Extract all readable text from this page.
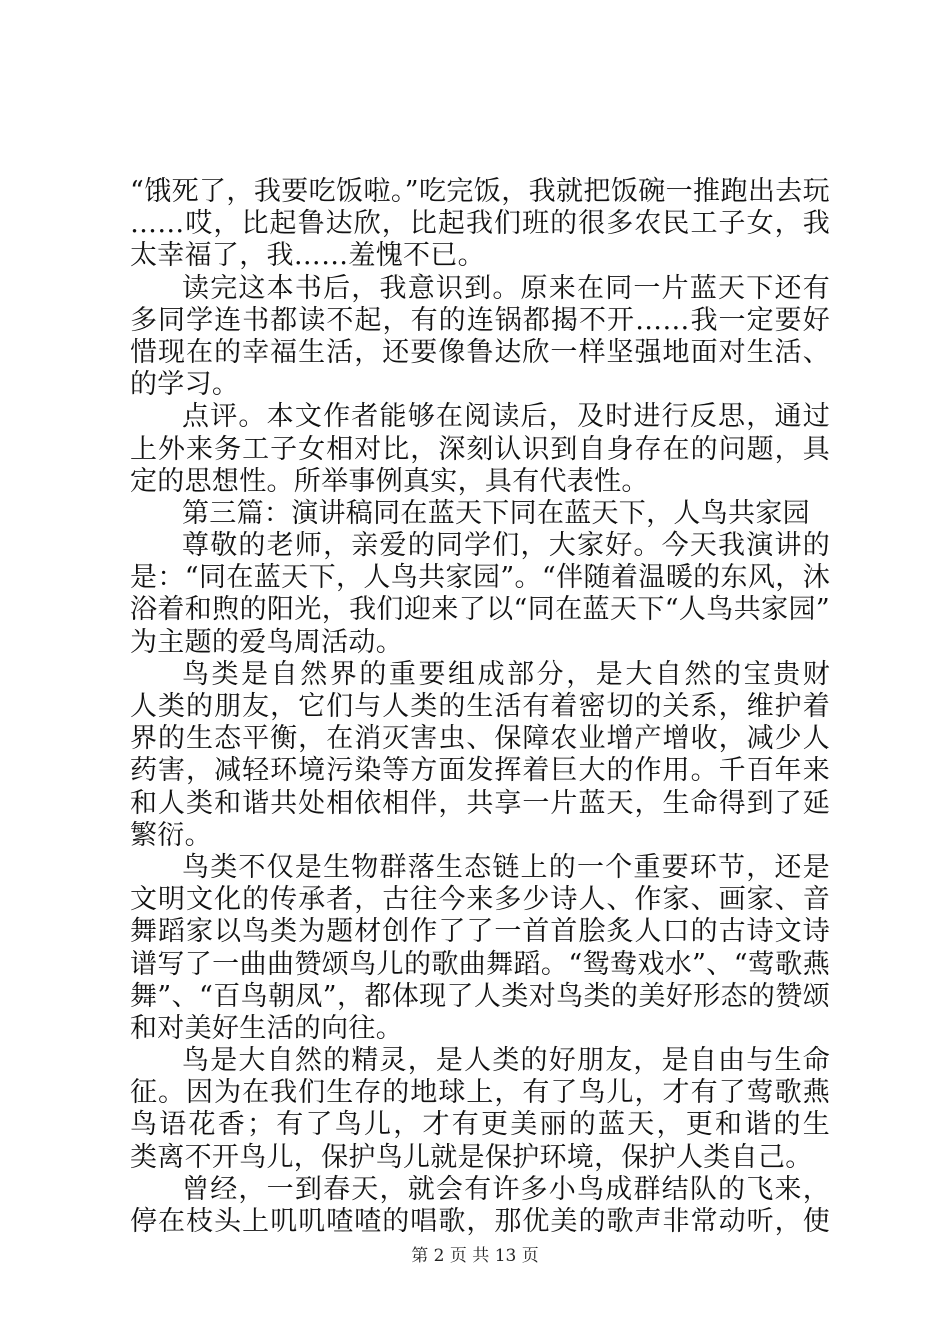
“饿死了，我要吃饭啦。”吃完饭，我就把饭碗一推跑出去玩
……哎，比起鲁达欣，比起我们班的很多农民工子女，我
太幸福了，我……羞愧不已。
读完这本书后，我意识到。原来在同一片蓝天下还有
多同学连书都读不起，有的连锅都揭不开……我一定要好
惜现在的幸福生活，还要像鲁达欣一样坚强地面对生活、
的学习。
点评。本文作者能够在阅读后，及时进行反思，通过
上外来务工子女相对比，深刻认识到自身存在的问题，具
定的思想性。所举事例真实，具有代表性。
第三篇：演讲稿同在蓝天下同在蓝天下，人鸟共家园
尊敬的老师，亲爱的同学们，大家好。今天我演讲的
是：“同在蓝天下，人鸟共家园”。“伴随着温暖的东风，沐
浴着和煦的阳光，我们迎来了以“同在蓝天下“人鸟共家园”
为主题的爱鸟周活动。
鸟类是自然界的重要组成部分，是大自然的宝贵财
人类的朋友，它们与人类的生活有着密切的关系，维护着
界的生态平衡，在消灭害虫、保障农业增产增收，减少人
药害，减轻环境污染等方面发挥着巨大的作用。千百年来
和人类和谐共处相依相伴，共享一片蓝天，生命得到了延
繁衍。
鸟类不仅是生物群落生态链上的一个重要环节，还是
文明文化的传承者，古往今来多少诗人、作家、画家、音
舞蹈家以鸟类为题材创作了了一首首脍炙人口的古诗文诗
谱写了一曲曲赞颂鸟儿的歌曲舞蹈。“鸳鸯戏水”、“莺歌燕
舞”、“百鸟朝凤”，都体现了人类对鸟类的美好形态的赞颂
和对美好生活的向往。
鸟是大自然的精灵，是人类的好朋友，是自由与生命
征。因为在我们生存的地球上，有了鸟儿，才有了莺歌燕
鸟语花香；有了鸟儿，才有更美丽的蓝天，更和谐的生
类离不开鸟儿，保护鸟儿就是保护环境，保护人类自己。
曾经，一到春天，就会有许多小鸟成群结队的飞来，
停在枝头上叽叽喳喳的唱歌，那优美的歌声非常动听，使
第 2 页 共 13 页
